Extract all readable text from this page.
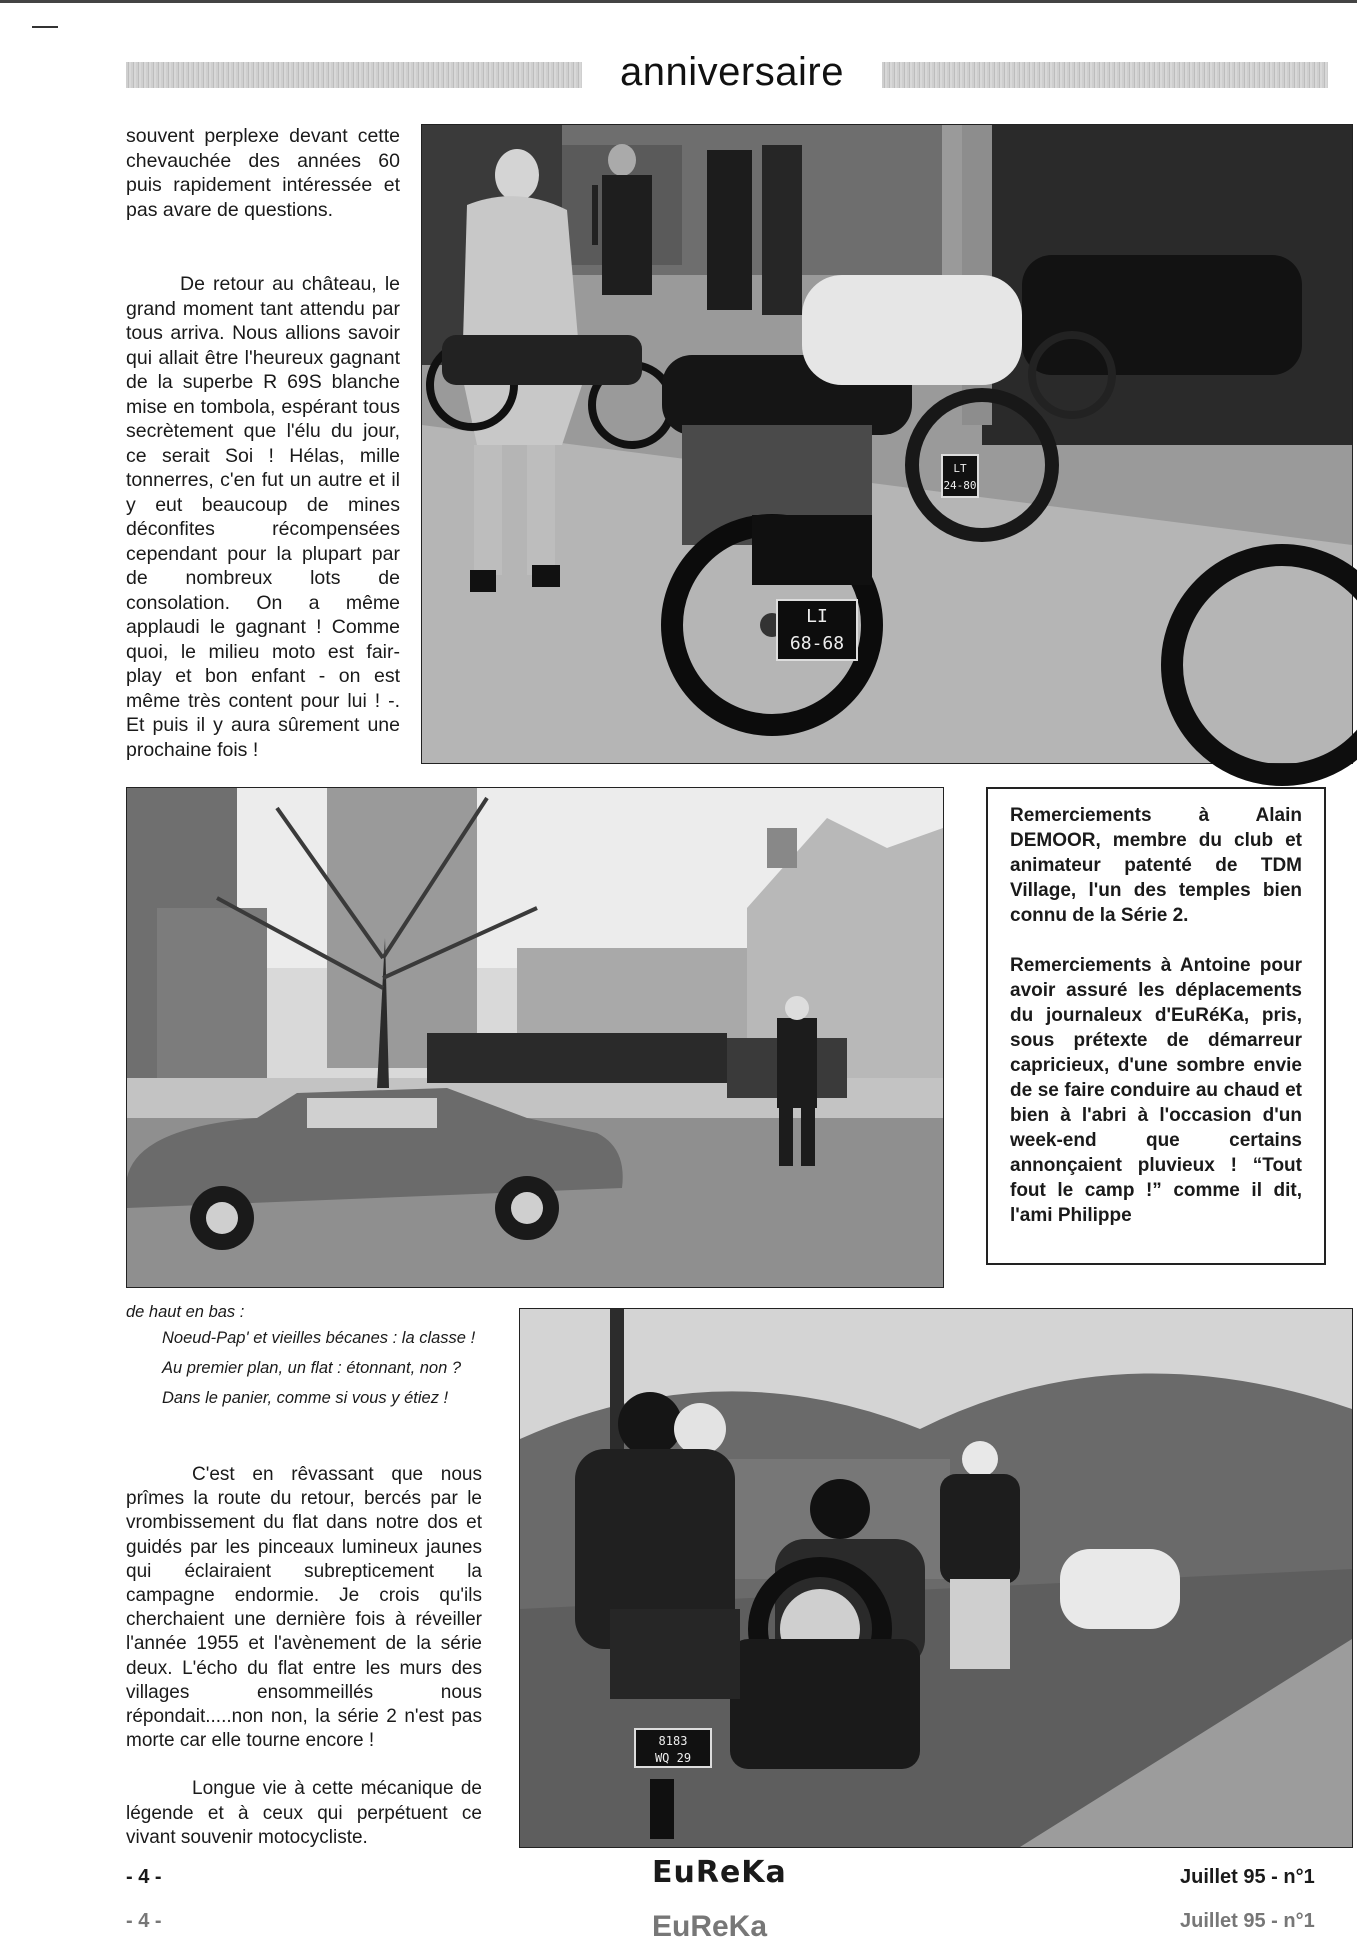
anniversaire

souvent perplexe devant cette chevauchée des années 60 puis rapidement intéressée et pas avare de questions.

De retour au château, le grand moment tant attendu par tous arriva. Nous allions savoir qui allait être l'heureux gagnant de la superbe R 69S blanche mise en tombola, espérant tous secrètement que l'élu du jour, ce serait Soi ! Hélas, mille tonnerres, c'en fut un autre et il y eut beaucoup de mines déconfites récompensées cependant pour la plupart par de nombreux lots de consolation. On a même applaudi le gagnant ! Comme quoi, le milieu moto est fair-play et bon enfant - on est même très content pour lui ! -. Et puis il y aura sûrement une prochaine fois !

LI
68-68
LT
24-80

Remerciements à Alain DEMOOR, membre du club et animateur patenté de TDM Village, l'un des temples bien connu de la Série 2.

Remerciements à Antoine pour avoir assuré les déplacements du journaleux d'EuRéKa, pris, sous prétexte de démarreur capricieux, d'une sombre envie de se faire conduire au chaud et bien à l'abri à l'occasion d'un week-end que certains annonçaient pluvieux ! “Tout fout le camp !” comme il dit, l'ami Philippe

de haut en bas :
Noeud-Pap' et vieilles bécanes : la classe !
Au premier plan, un flat : étonnant, non ?
Dans le panier, comme si vous y étiez !

C'est en rêvassant que nous prîmes la route du retour, bercés par le vrombissement du flat dans notre dos et guidés par les pinceaux lumineux jaunes qui éclairaient subrepticement la campagne endormie. Je crois qu'ils cherchaient une dernière fois à réveiller l'année 1955 et l'avènement de la série deux. L'écho du flat entre les murs des villages ensommeillés nous répondait.....non non, la série 2 n'est pas morte car elle tourne encore !

Longue vie à cette mécanique de légende et à ceux qui perpétuent ce vivant souvenir motocycliste.

8183
WQ 29
- 4 -	EuReKa	Juillet 95 - n°1
- 4 -	EuReKa	Juillet 95 - n°1
